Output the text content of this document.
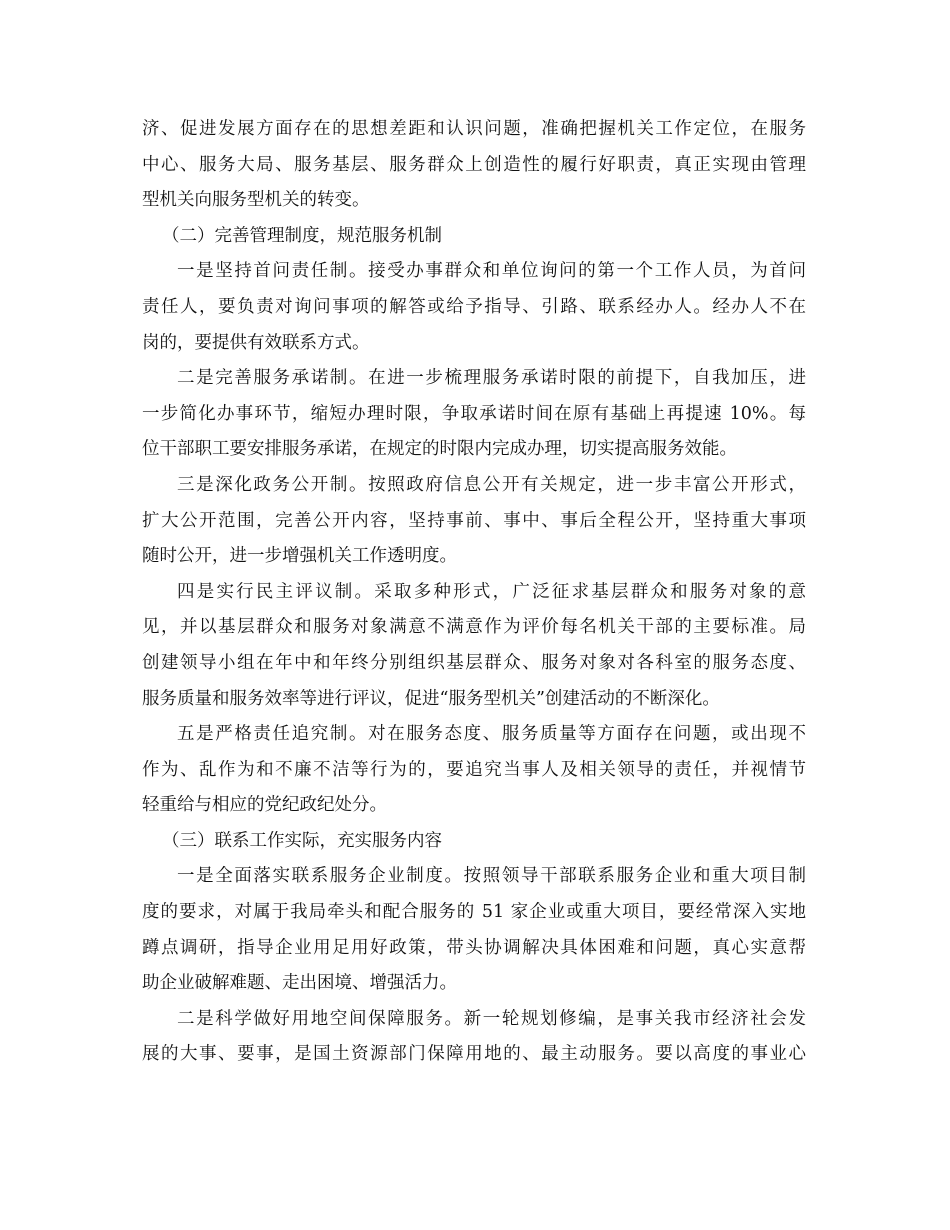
济、促进发展方面存在的思想差距和认识问题，准确把握机关工作定位，在服务
中心、服务大局、服务基层、服务群众上创造性的履行好职责，真正实现由管理
型机关向服务型机关的转变。
（二）完善管理制度，规范服务机制
一是坚持首问责任制。接受办事群众和单位询问的第一个工作人员，为首问
责任人，要负责对询问事项的解答或给予指导、引路、联系经办人。经办人不在
岗的，要提供有效联系方式。
二是完善服务承诺制。在进一步梳理服务承诺时限的前提下，自我加压，进
一步简化办事环节，缩短办理时限，争取承诺时间在原有基础上再提速 10%。每
位干部职工要安排服务承诺，在规定的时限内完成办理，切实提高服务效能。
三是深化政务公开制。按照政府信息公开有关规定，进一步丰富公开形式，
扩大公开范围，完善公开内容，坚持事前、事中、事后全程公开，坚持重大事项
随时公开，进一步增强机关工作透明度。
四是实行民主评议制。采取多种形式，广泛征求基层群众和服务对象的意
见，并以基层群众和服务对象满意不满意作为评价每名机关干部的主要标准。局
创建领导小组在年中和年终分别组织基层群众、服务对象对各科室的服务态度、
服务质量和服务效率等进行评议，促进“服务型机关”创建活动的不断深化。
五是严格责任追究制。对在服务态度、服务质量等方面存在问题，或出现不
作为、乱作为和不廉不洁等行为的，要追究当事人及相关领导的责任，并视情节
轻重给与相应的党纪政纪处分。
（三）联系工作实际，充实服务内容
一是全面落实联系服务企业制度。按照领导干部联系服务企业和重大项目制
度的要求，对属于我局牵头和配合服务的 51 家企业或重大项目，要经常深入实地
蹲点调研，指导企业用足用好政策，带头协调解决具体困难和问题，真心实意帮
助企业破解难题、走出困境、增强活力。
二是科学做好用地空间保障服务。新一轮规划修编，是事关我市经济社会发
展的大事、要事，是国土资源部门保障用地的、最主动服务。要以高度的事业心
